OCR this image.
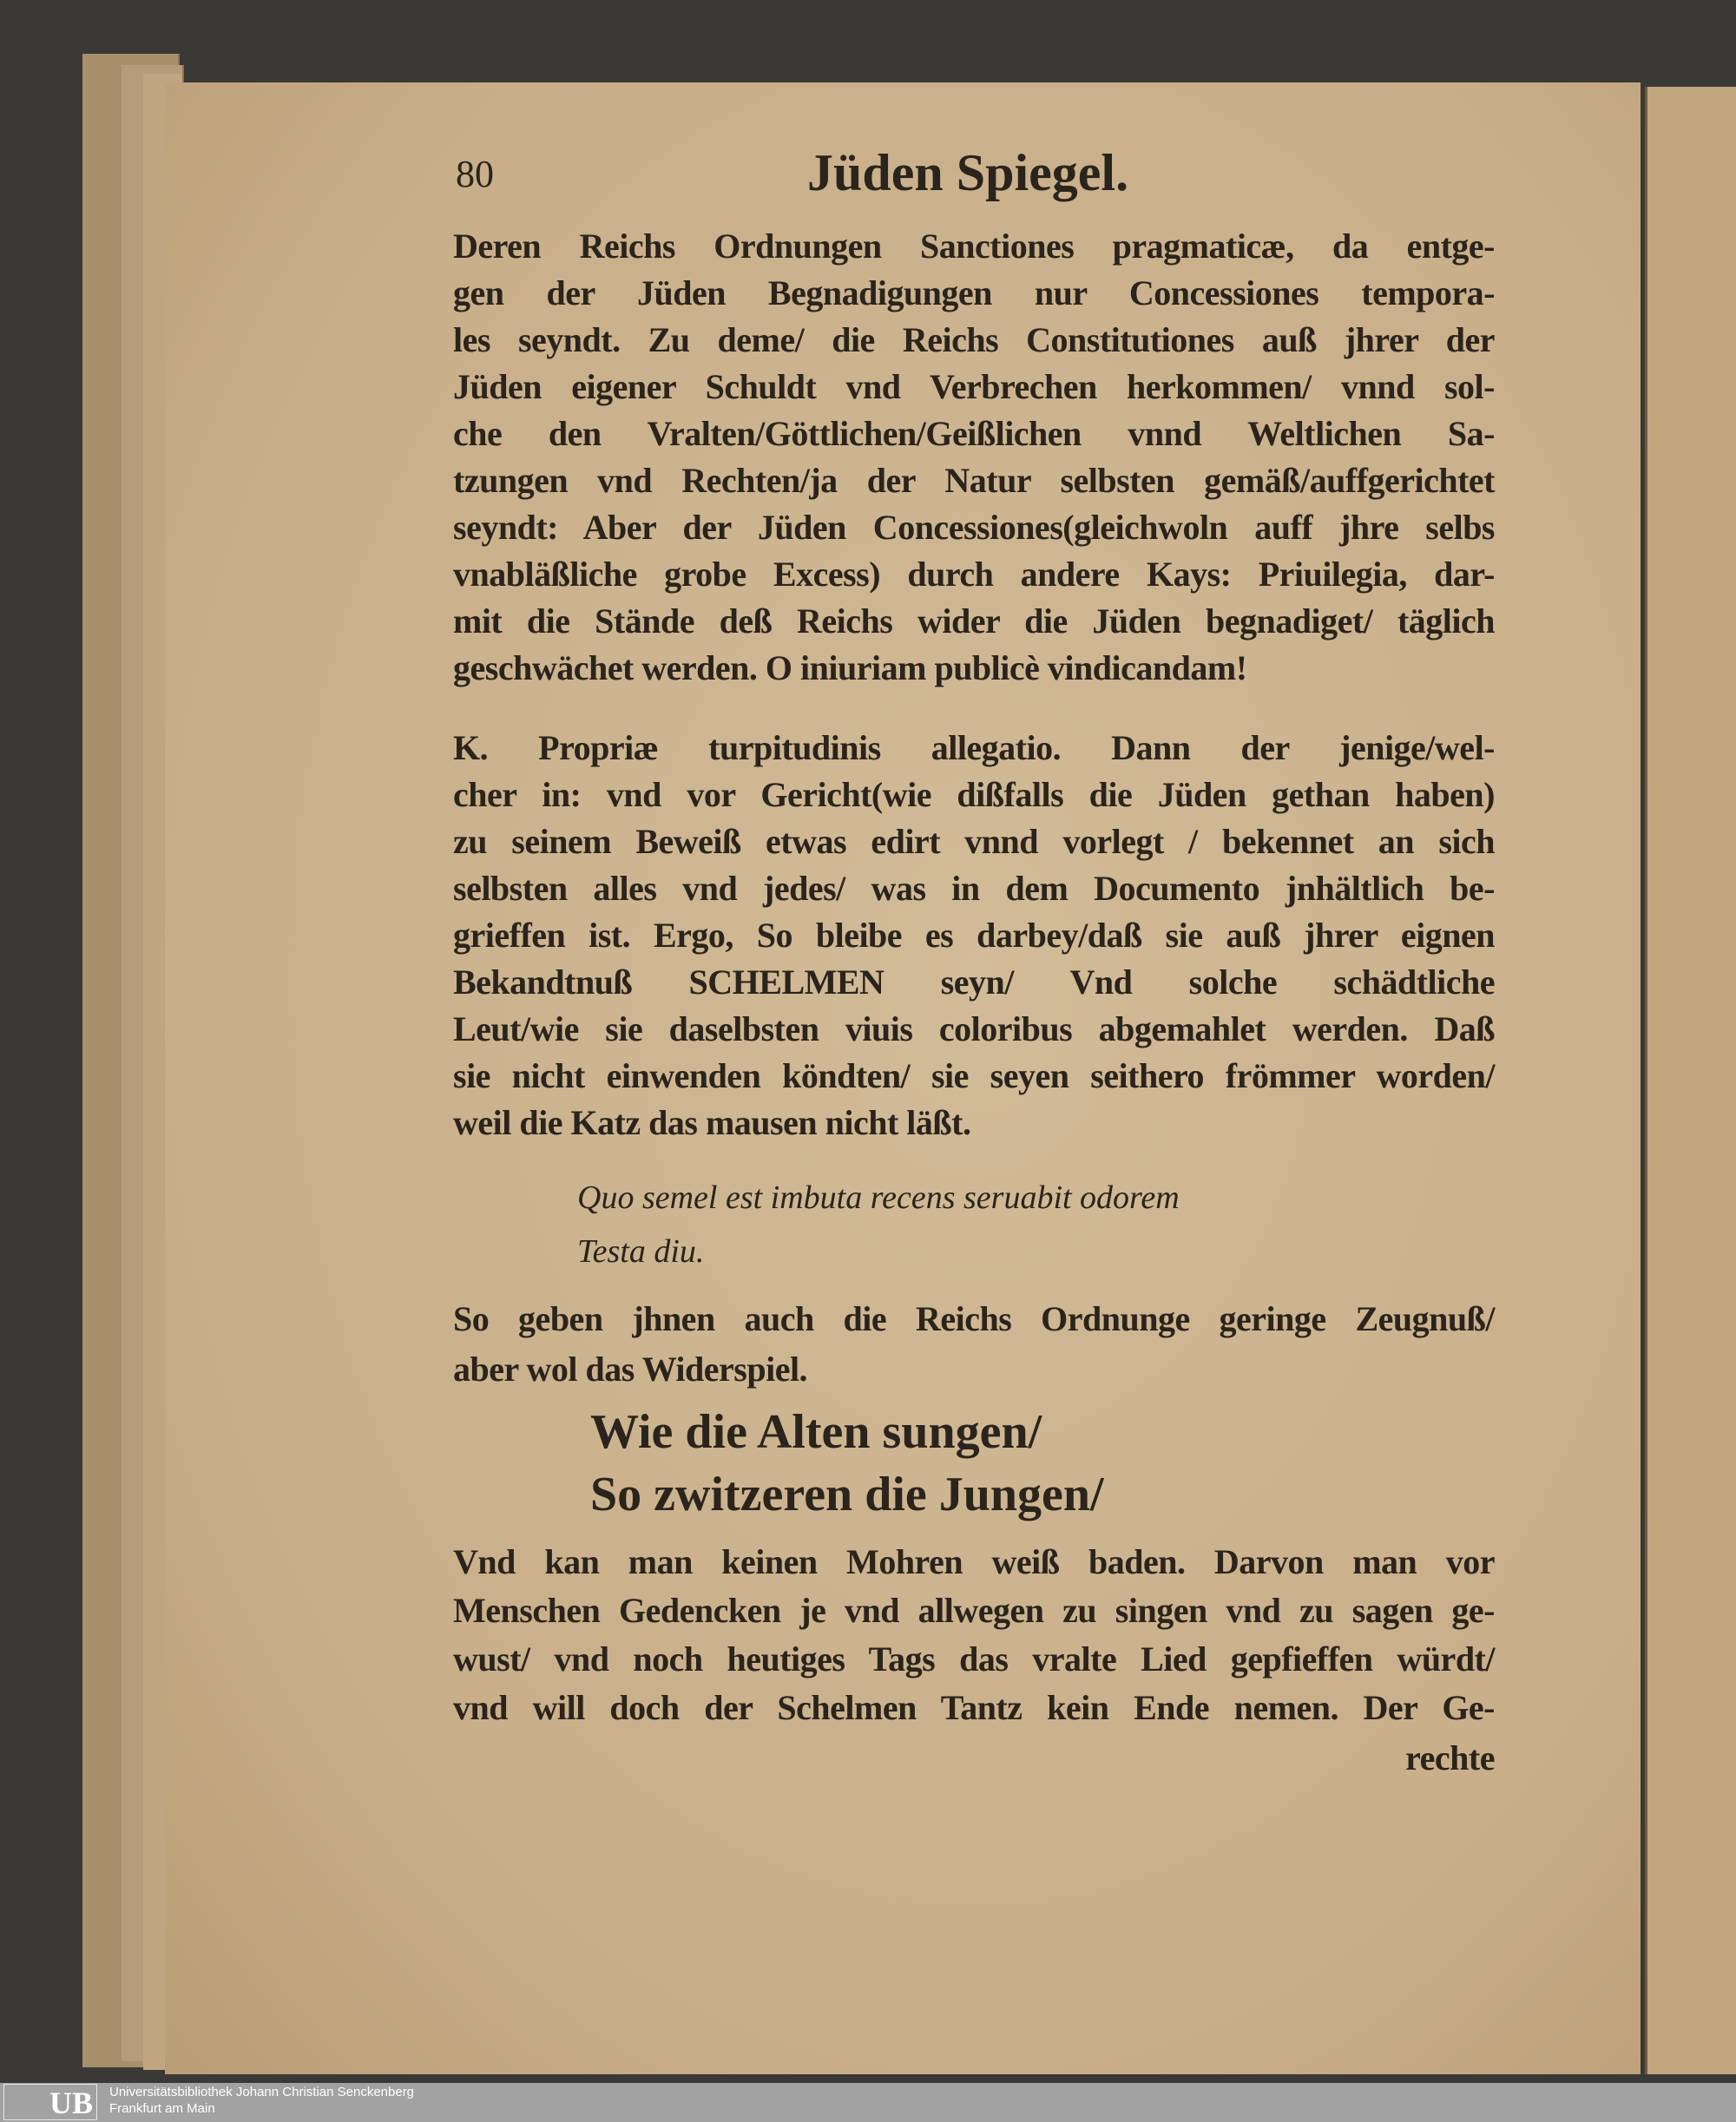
80	Jüden Spiegel.
Deren Reichs Ordnungen Sanctiones pragmaticæ, da entge-
gen der Jüden Begnadigungen nur Concessiones tempora-
les seyndt. Zu deme/ die Reichs Constitutiones auß jhrer der
Jüden eigener Schuldt vnd Verbrechen herkommen/ vnnd sol-
che den Vralten/Göttlichen/Geißlichen vnnd Weltlichen Sa-
tzungen vnd Rechten/ja der Natur selbsten gemäß/auffgerichtet
seyndt: Aber der Jüden Concessiones(gleichwoln auff jhre selbs
vnabläßliche grobe Excess) durch andere Kays: Priuilegia, dar-
mit die Stände deß Reichs wider die Jüden begnadiget/ täglich
geschwächet werden. O iniuriam publicè vindicandam!
K. Propriæ turpitudinis allegatio. Dann der jenige/wel-
cher in: vnd vor Gericht(wie dißfalls die Jüden gethan haben)
zu seinem Beweiß etwas edirt vnnd vorlegt / bekennet an sich
selbsten alles vnd jedes/ was in dem Documento jnhältlich be-
grieffen ist. Ergo, So bleibe es darbey/daß sie auß jhrer eignen
Bekandtnuß SCHELMEN seyn/ Vnd solche schädtliche
Leut/wie sie daselbsten viuis coloribus abgemahlet werden. Daß
sie nicht einwenden köndten/ sie seyen seithero frömmer worden/
weil die Katz das mausen nicht läßt.
Quo semel est imbuta recens seruabit odorem
Testa diu.
So geben jhnen auch die Reichs Ordnunge geringe Zeugnuß/
aber wol das Widerspiel.
Wie die Alten sungen/
So zwitzeren die Jungen/
Vnd kan man keinen Mohren weiß baden. Darvon man vor
Menschen Gedencken je vnd allwegen zu singen vnd zu sagen ge-
wust/ vnd noch heutiges Tags das vralte Lied gepfieffen würdt/
vnd will doch der Schelmen Tantz kein Ende nemen. Der Ge-
rechte
UB	Universitätsbibliothek Johann Christian Senckenberg
Frankfurt am Main
